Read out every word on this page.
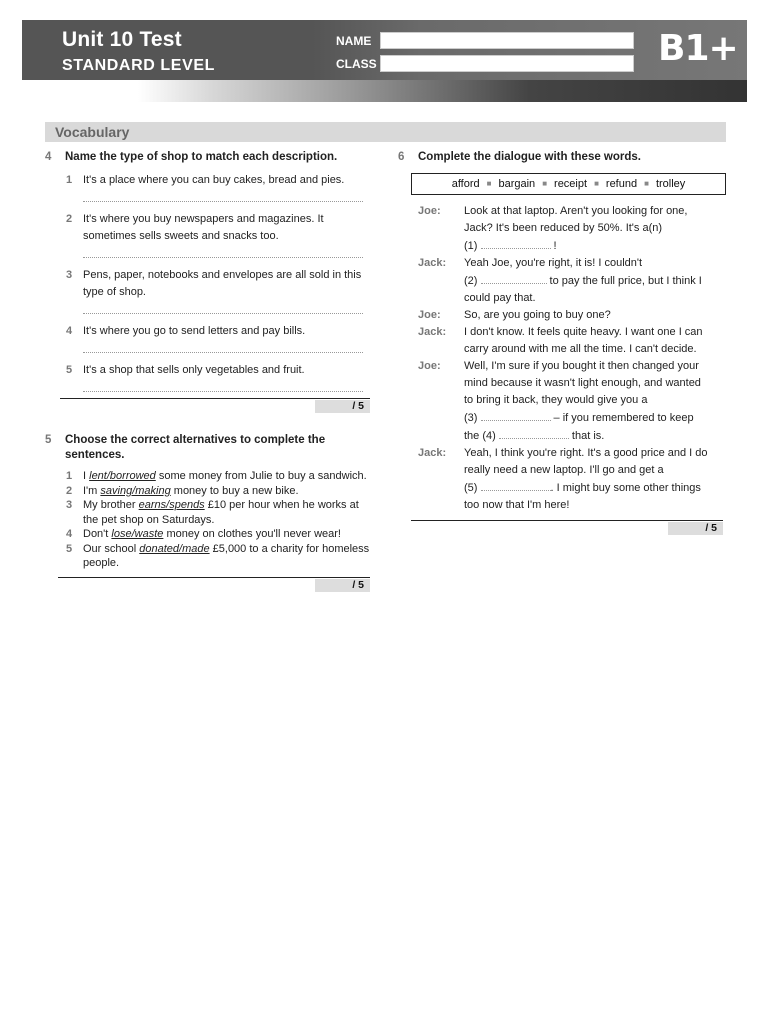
Unit 10 Test
STANDARD LEVEL
NAME
CLASS	B1+
Vocabulary
4 Name the type of shop to match each description.
1 It's a place where you can buy cakes, bread and pies.
2 It's where you buy newspapers and magazines. It sometimes sells sweets and snacks too.
3 Pens, paper, notebooks and envelopes are all sold in this type of shop.
4 It's where you go to send letters and pay bills.
5 It's a shop that sells only vegetables and fruit.
/ 5
5 Choose the correct alternatives to complete the sentences.
1 I lent/borrowed some money from Julie to buy a sandwich.
2 I'm saving/making money to buy a new bike.
3 My brother earns/spends £10 per hour when he works at the pet shop on Saturdays.
4 Don't lose/waste money on clothes you'll never wear!
5 Our school donated/made £5,000 to a charity for homeless people.
/ 5
6 Complete the dialogue with these words.
afford ■ bargain ■ receipt ■ refund ■ trolley
Joe: Look at that laptop. Aren't you looking for one,
Jack? It's been reduced by 50%. It's a(n)
(1)	!
Jack: Yeah Joe, you're right, it is! I couldn't
(2)	to pay the full price, but I think I
could pay that.
Joe: So, are you going to buy one?
Jack: I don't know. It feels quite heavy. I want one I can
carry around with me all the time. I can't decide.
Joe: Well, I'm sure if you bought it then changed your
mind because it wasn't light enough, and wanted
to bring it back, they would give you a
(3)	– if you remembered to keep
the (4)	that is.
Jack: Yeah, I think you're right. It's a good price and I do
really need a new laptop. I'll go and get a
(5)	. I might buy some other things
too now that I'm here!
/ 5
